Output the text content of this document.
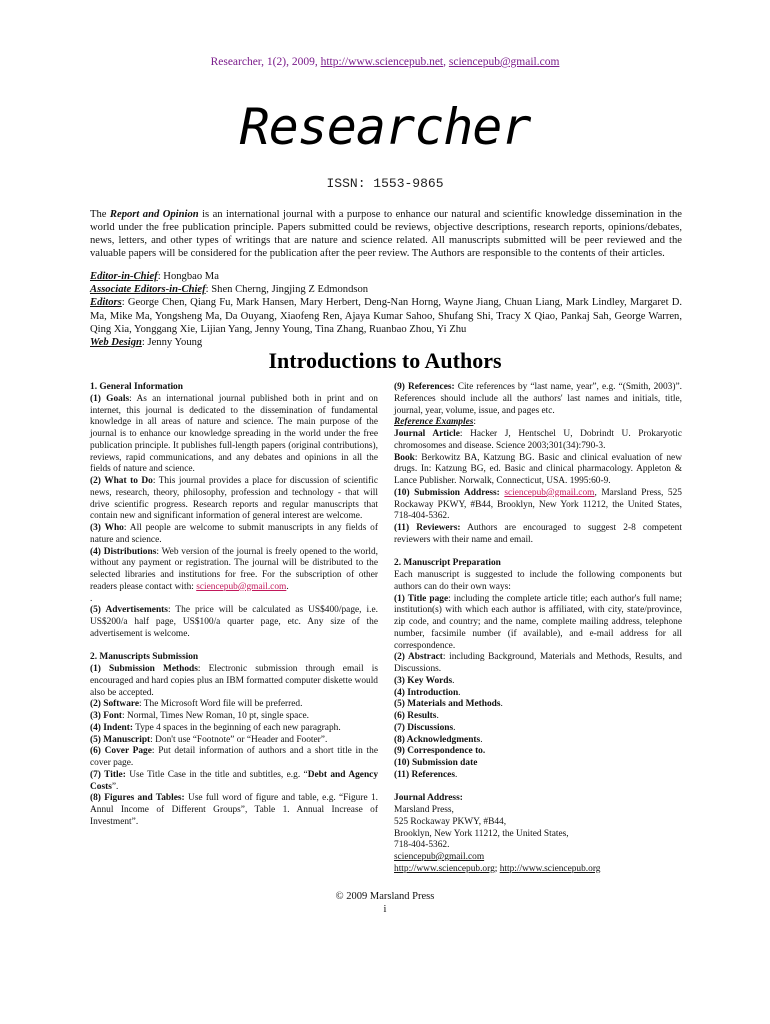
Researcher, 1(2), 2009, http://www.sciencepub.net, sciencepub@gmail.com
Researcher
ISSN: 1553-9865
The Report and Opinion is an international journal with a purpose to enhance our natural and scientific knowledge dissemination in the world under the free publication principle. Papers submitted could be reviews, objective descriptions, research reports, opinions/debates, news, letters, and other types of writings that are nature and science related. All manuscripts submitted will be peer reviewed and the valuable papers will be considered for the publication after the peer review. The Authors are responsible to the contents of their articles.
Editor-in-Chief: Hongbao Ma
Associate Editors-in-Chief: Shen Cherng, Jingjing Z Edmondson
Editors: George Chen, Qiang Fu, Mark Hansen, Mary Herbert, Deng-Nan Horng, Wayne Jiang, Chuan Liang, Mark Lindley, Margaret D. Ma, Mike Ma, Yongsheng Ma, Da Ouyang, Xiaofeng Ren, Ajaya Kumar Sahoo, Shufang Shi, Tracy X Qiao, Pankaj Sah, George Warren, Qing Xia, Yonggang Xie, Lijian Yang, Jenny Young, Tina Zhang, Ruanbao Zhou, Yi Zhu
Web Design: Jenny Young
Introductions to Authors

1. General Information

(1) Goals: As an international journal published both in print and on internet, this journal is dedicated to the dissemination of fundamental knowledge in all areas of nature and science. The main purpose of the journal is to enhance our knowledge spreading in the world under the free publication principle. It publishes full-length papers (original contributions), reviews, rapid communications, and any debates and opinions in all the fields of nature and science.

(2) What to Do: This journal provides a place for discussion of scientific news, research, theory, philosophy, profession and technology - that will drive scientific progress. Research reports and regular manuscripts that contain new and significant information of general interest are welcome.

(3) Who: All people are welcome to submit manuscripts in any fields of nature and science.

(4) Distributions: Web version of the journal is freely opened to the world, without any payment or registration. The journal will be distributed to the selected libraries and institutions for free. For the subscription of other readers please contact with: sciencepub@gmail.com.

.

(5) Advertisements: The price will be calculated as US$400/page, i.e. US$200/a half page, US$100/a quarter page, etc. Any size of the advertisement is welcome.

2. Manuscripts Submission

(1) Submission Methods: Electronic submission through email is encouraged and hard copies plus an IBM formatted computer diskette would also be accepted.

(2) Software: The Microsoft Word file will be preferred.

(3) Font: Normal, Times New Roman, 10 pt, single space.

(4) Indent: Type 4 spaces in the beginning of each new paragraph.

(5) Manuscript: Don't use “Footnote” or “Header and Footer”.

(6) Cover Page: Put detail information of authors and a short title in the cover page.

(7) Title: Use Title Case in the title and subtitles, e.g. “Debt and Agency Costs”.

(8) Figures and Tables: Use full word of figure and table, e.g. “Figure 1. Annul Income of Different Groups”, Table 1. Annual Increase of Investment”.

(9) References: Cite references by “last name, year”, e.g. “(Smith, 2003)”. References should include all the authors' last names and initials, title, journal, year, volume, issue, and pages etc.

Reference Examples:

Journal Article: Hacker J, Hentschel U, Dobrindt U. Prokaryotic chromosomes and disease. Science 2003;301(34):790-3.

Book: Berkowitz BA, Katzung BG. Basic and clinical evaluation of new drugs. In: Katzung BG, ed. Basic and clinical pharmacology. Appleton & Lance Publisher. Norwalk, Connecticut, USA. 1995:60-9.

(10) Submission Address: sciencepub@gmail.com, Marsland Press, 525 Rockaway PKWY, #B44, Brooklyn, New York 11212, the United States, 718-404-5362.

(11) Reviewers: Authors are encouraged to suggest 2-8 competent reviewers with their name and email.

2. Manuscript Preparation

Each manuscript is suggested to include the following components but authors can do their own ways:

(1) Title page: including the complete article title; each author's full name; institution(s) with which each author is affiliated, with city, state/province, zip code, and country; and the name, complete mailing address, telephone number, facsimile number (if available), and e-mail address for all correspondence.

(2) Abstract: including Background, Materials and Methods, Results, and Discussions.

(3) Key Words.

(4) Introduction.

(5) Materials and Methods.

(6) Results.

(7) Discussions.

(8) Acknowledgments.

(9) Correspondence to.

(10) Submission date

(11) References.

Journal Address:

Marsland Press,

525 Rockaway PKWY, #B44,

Brooklyn, New York 11212, the United States,

718-404-5362.

sciencepub@gmail.com

http://www.sciencepub.org; http://www.sciencepub.org

© 2009 Marsland Press
i
